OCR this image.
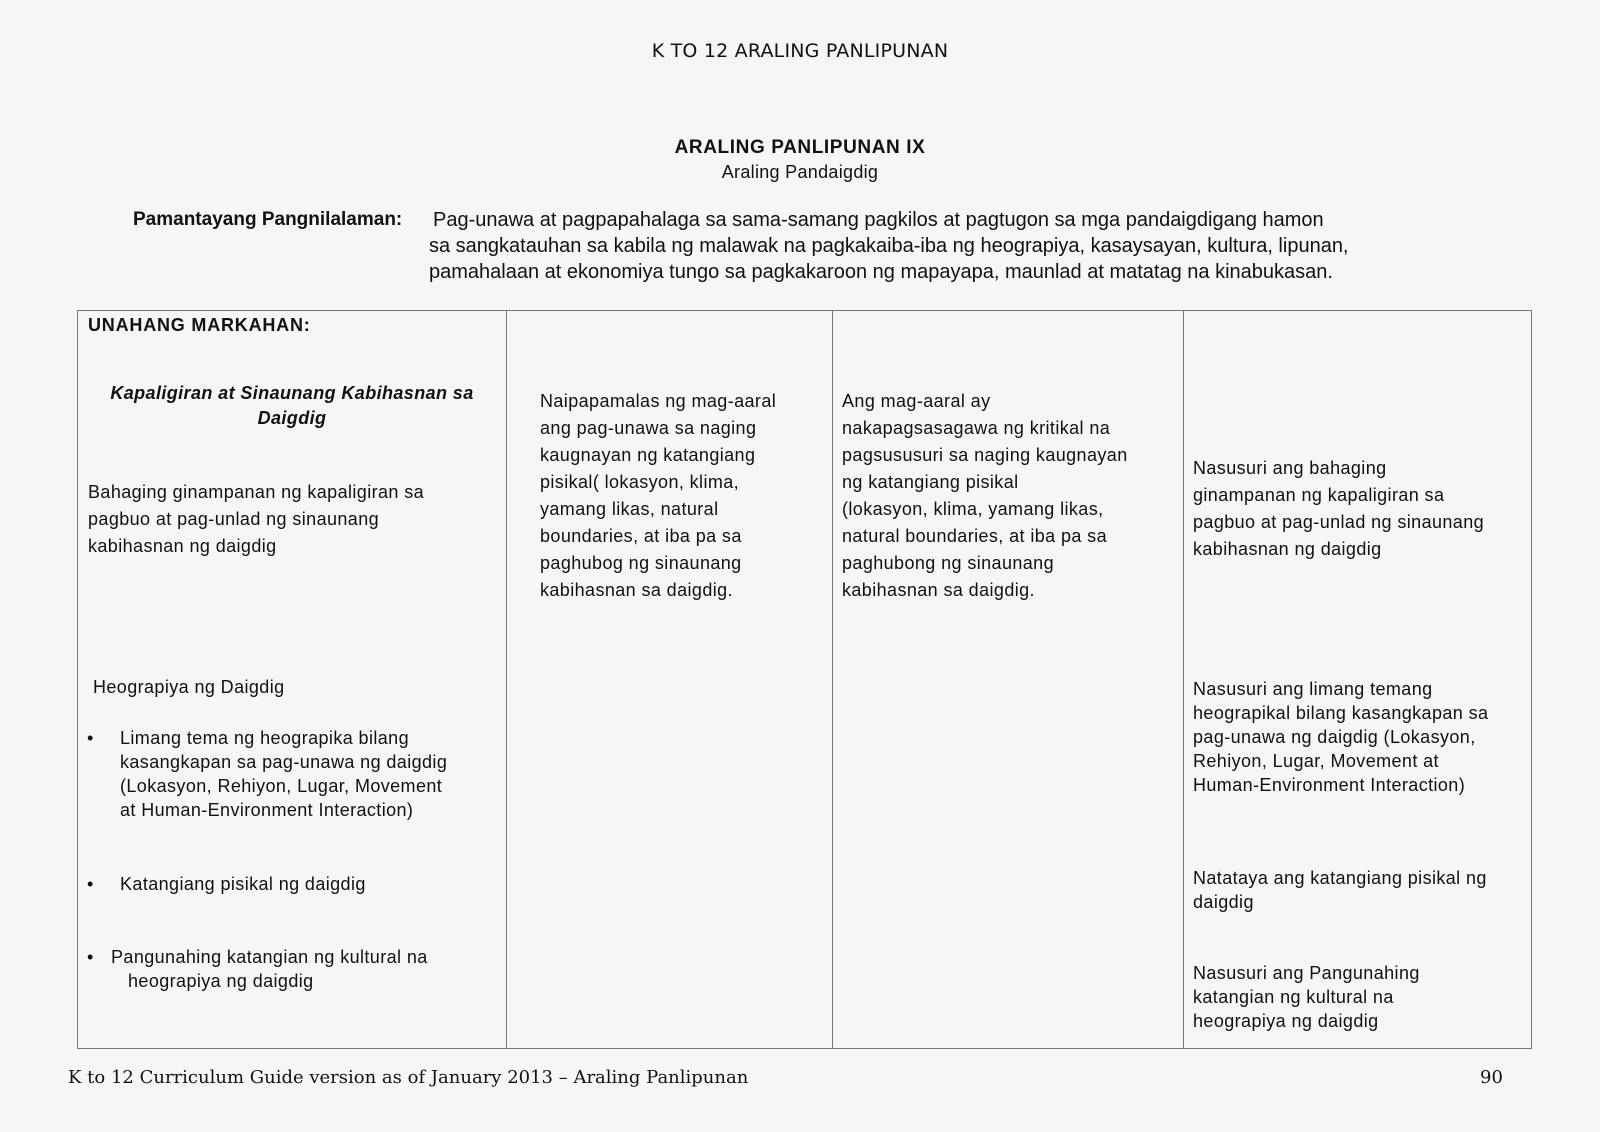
K TO 12 ARALING PANLIPUNAN
ARALING PANLIPUNAN IX
Araling Pandaigdig
Pamantayang Pangnilalaman: Pag-unawa at pagpapahalaga sa sama-samang pagkilos at pagtugon sa mga pandaigdigang hamon
sa sangkatauhan sa kabila ng malawak na pagkakaiba-iba ng heograpiya, kasaysayan, kultura, lipunan,
pamahalaan at ekonomiya tungo sa pagkakaroon ng mapayapa, maunlad at matatag na kinabukasan.
UNAHANG MARKAHAN:
Kapaligiran at Sinaunang Kabihasnan sa Daigdig
Bahaging ginampanan ng kapaligiran sa
pagbuo at pag-unlad ng sinaunang
kabihasnan ng daigdig
Heograpiya ng Daigdig
• Limang tema ng heograpika bilang
kasangkapan sa pag-unawa ng daigdig
(Lokasyon, Rehiyon, Lugar, Movement
at Human-Environment Interaction)
• Katangiang pisikal ng daigdig
• Pangunahing katangian ng kultural na
heograpiya ng daigdig
Naipapamalas ng mag-aaral
ang pag-unawa sa naging
kaugnayan ng katangiang
pisikal( lokasyon, klima,
yamang likas, natural
boundaries, at iba pa sa
paghubog ng sinaunang
kabihasnan sa daigdig.
Ang mag-aaral ay
nakapagsasagawa ng kritikal na
pagsususuri sa naging kaugnayan
ng katangiang pisikal
(lokasyon, klima, yamang likas,
natural boundaries, at iba pa sa
paghubong ng sinaunang
kabihasnan sa daigdig.
Nasusuri ang bahaging
ginampanan ng kapaligiran sa
pagbuo at pag-unlad ng sinaunang
kabihasnan ng daigdig
Nasusuri ang limang temang
heograpikal bilang kasangkapan sa
pag-unawa ng daigdig (Lokasyon,
Rehiyon, Lugar, Movement at
Human-Environment Interaction)
Natataya ang katangiang pisikal ng
daigdig
Nasusuri ang Pangunahing
katangian ng kultural na
heograpiya ng daigdig
K to 12 Curriculum Guide version as of January 2013 – Araling Panlipunan	90
